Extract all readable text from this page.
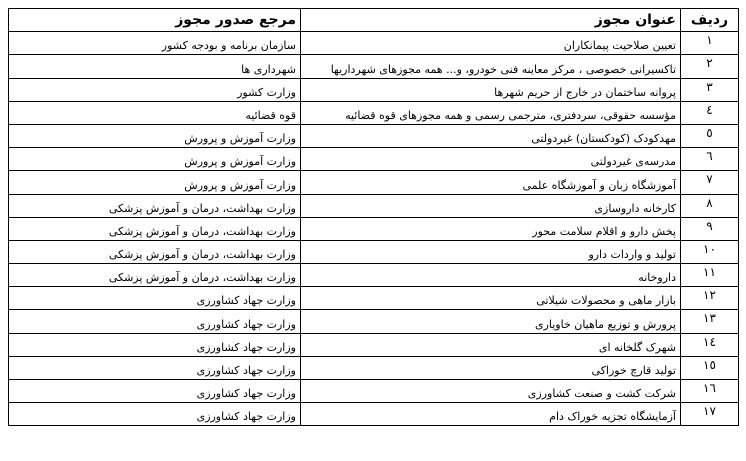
ردیف	عنوان مجوز	مرجع صدور مجوز
۱	تعیین صلاحیت پیمانکاران	سازمان برنامه و بودجه کشور
۲	تاکسیرانی خصوصی ، مرکز معاینه فنی خودرو، و... همه مجوزهای شهرداریها	شهرداری ها
۳	پروانه ساختمان در خارج از حریم شهرها	وزارت کشور
٤	مؤسسه حقوقی، سردفتری، مترجمی رسمی و همه مجوزهای قوه قضائیه	قوه قضائیه
٥	مهدکودک (کودکستان) غیردولتی	وزارت آموزش و پرورش
٦	مدرسه‌ی غیردولتی	وزارت آموزش و پرورش
۷	آموزشگاه زبان و آموزشگاه علمی	وزارت آموزش و پرورش
۸	کارخانه داروسازی	وزارت بهداشت، درمان و آموزش پزشکی
۹	پخش دارو و اقلام سلامت محور	وزارت بهداشت، درمان و آموزش پزشکی
۱۰	تولید و واردات دارو	وزارت بهداشت، درمان و آموزش پزشکی
۱۱	داروخانه	وزارت بهداشت، درمان و آموزش پزشکی
۱۲	بازار ماهی و محصولات شیلاتی	وزارت جهاد کشاورزی
۱۳	پرورش و توزیع ماهیان خاویاری	وزارت جهاد کشاورزی
۱٤	شهرک گلخانه ای	وزارت جهاد کشاورزی
۱٥	تولید قارچ خوراکی	وزارت جهاد کشاورزی
۱٦	شرکت کشت و صنعت کشاورزی	وزارت جهاد کشاورزی
۱۷	آزمایشگاه تجزیه خوراک دام	وزارت جهاد کشاورزی
